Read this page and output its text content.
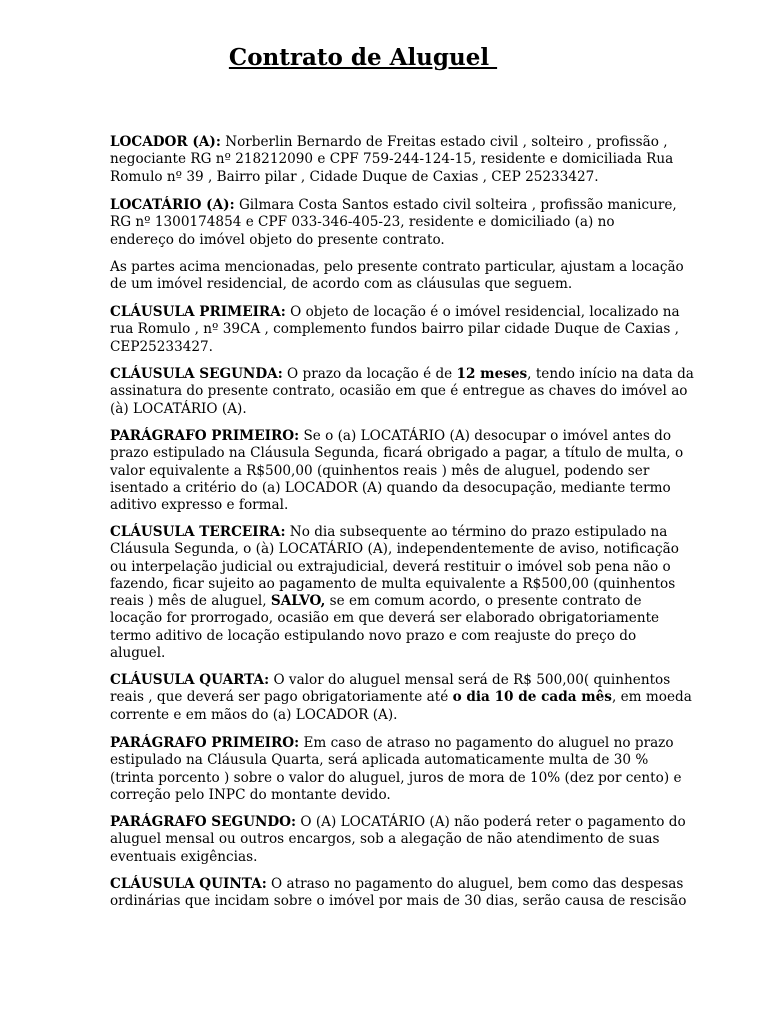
Contrato de Aluguel
LOCADOR (A): Norberlin Bernardo de Freitas estado civil , solteiro , profissão ,
negociante RG nº 218212090 e CPF 759-244-124-15, residente e domiciliada Rua
Romulo nº 39 , Bairro pilar , Cidade Duque de Caxias , CEP 25233427.
LOCATÁRIO (A): Gilmara Costa Santos estado civil solteira , profissão manicure,
RG nº 1300174854 e CPF 033-346-405-23, residente e domiciliado (a) no
endereço do imóvel objeto do presente contrato.
As partes acima mencionadas, pelo presente contrato particular, ajustam a locação
de um imóvel residencial, de acordo com as cláusulas que seguem.
CLÁUSULA PRIMEIRA: O objeto de locação é o imóvel residencial, localizado na
rua Romulo , nº 39CA , complemento fundos bairro pilar cidade Duque de Caxias ,
CEP25233427.
CLÁUSULA SEGUNDA: O prazo da locação é de 12 meses, tendo início na data da
assinatura do presente contrato, ocasião em que é entregue as chaves do imóvel ao
(à) LOCATÁRIO (A).
PARÁGRAFO PRIMEIRO: Se o (a) LOCATÁRIO (A) desocupar o imóvel antes do
prazo estipulado na Cláusula Segunda, ficará obrigado a pagar, a título de multa, o
valor equivalente a R$500,00 (quinhentos reais ) mês de aluguel, podendo ser
isentado a critério do (a) LOCADOR (A) quando da desocupação, mediante termo
aditivo expresso e formal.
CLÁUSULA TERCEIRA: No dia subsequente ao término do prazo estipulado na
Cláusula Segunda, o (à) LOCATÁRIO (A), independentemente de aviso, notificação
ou interpelação judicial ou extrajudicial, deverá restituir o imóvel sob pena não o
fazendo, ficar sujeito ao pagamento de multa equivalente a R$500,00 (quinhentos
reais ) mês de aluguel, SALVO, se em comum acordo, o presente contrato de
locação for prorrogado, ocasião em que deverá ser elaborado obrigatoriamente
termo aditivo de locação estipulando novo prazo e com reajuste do preço do
aluguel.
CLÁUSULA QUARTA: O valor do aluguel mensal será de R$ 500,00( quinhentos
reais , que deverá ser pago obrigatoriamente até o dia 10 de cada mês, em moeda
corrente e em mãos do (a) LOCADOR (A).
PARÁGRAFO PRIMEIRO: Em caso de atraso no pagamento do aluguel no prazo
estipulado na Cláusula Quarta, será aplicada automaticamente multa de 30 %
(trinta porcento ) sobre o valor do aluguel, juros de mora de 10% (dez por cento) e
correção pelo INPC do montante devido.
PARÁGRAFO SEGUNDO: O (A) LOCATÁRIO (A) não poderá reter o pagamento do
aluguel mensal ou outros encargos, sob a alegação de não atendimento de suas
eventuais exigências.
CLÁUSULA QUINTA: O atraso no pagamento do aluguel, bem como das despesas
ordinárias que incidam sobre o imóvel por mais de 30 dias, serão causa de rescisão
